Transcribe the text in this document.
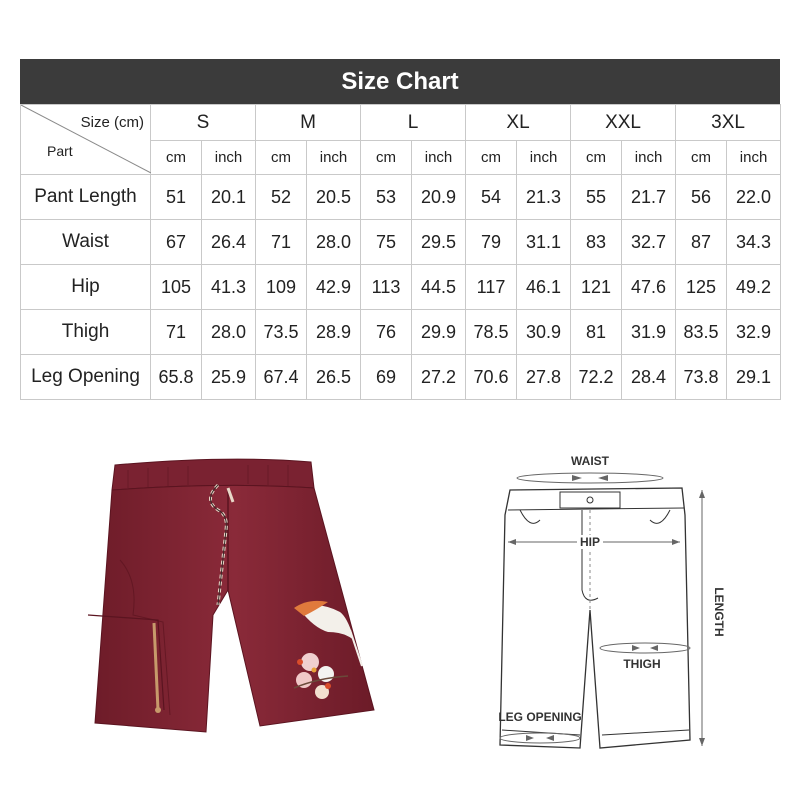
Size Chart
Size (cm)
Part	S		M		L		XL		XXL		3XL	
	cm	inch	cm	inch	cm	inch	cm	inch	cm	inch	cm	inch
Pant Length	51	20.1	52	20.5	53	20.9	54	21.3	55	21.7	56	22.0
Waist	67	26.4	71	28.0	75	29.5	79	31.1	83	32.7	87	34.3
Hip	105	41.3	109	42.9	113	44.5	117	46.1	121	47.6	125	49.2
Thigh	71	28.0	73.5	28.9	76	29.9	78.5	30.9	81	31.9	83.5	32.9
Leg Opening	65.8	25.9	67.4	26.5	69	27.2	70.6	27.8	72.2	28.4	73.8	29.1
WAIST
HIP
LENGTH
THIGH
LEG OPENING
